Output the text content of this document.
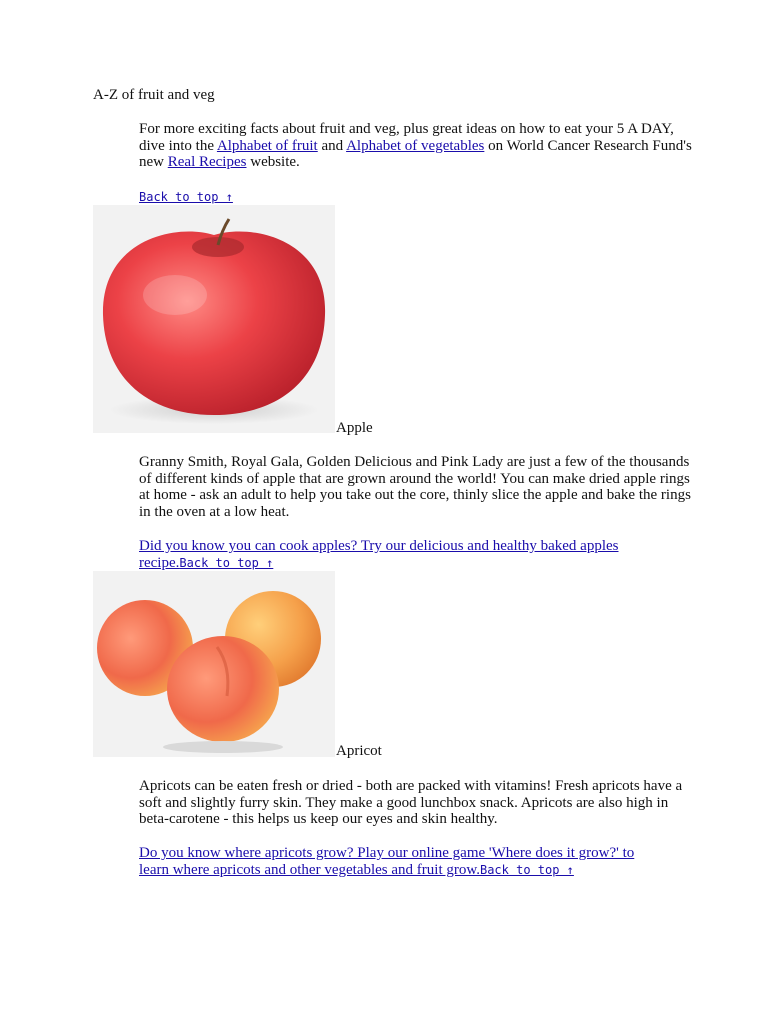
A-Z of fruit and veg
For more exciting facts about fruit and veg, plus great ideas on how to eat your 5 A DAY, dive into the Alphabet of fruit and Alphabet of vegetables on World Cancer Research Fund's new Real Recipes website.
Back to top ↑
Apple
Granny Smith, Royal Gala, Golden Delicious and Pink Lady are just a few of the thousands of different kinds of apple that are grown around the world! You can make dried apple rings at home - ask an adult to help you take out the core, thinly slice the apple and bake the rings in the oven at a low heat.
Did you know you can cook apples? Try our delicious and healthy baked apples
recipe.Back to top ↑
Apricot
Apricots can be eaten fresh or dried - both are packed with vitamins! Fresh apricots have a soft and slightly furry skin. They make a good lunchbox snack. Apricots are also high in beta-carotene - this helps us keep our eyes and skin healthy.
Do you know where apricots grow? Play our online game 'Where does it grow?' to
learn where apricots and other vegetables and fruit grow.Back to top ↑
